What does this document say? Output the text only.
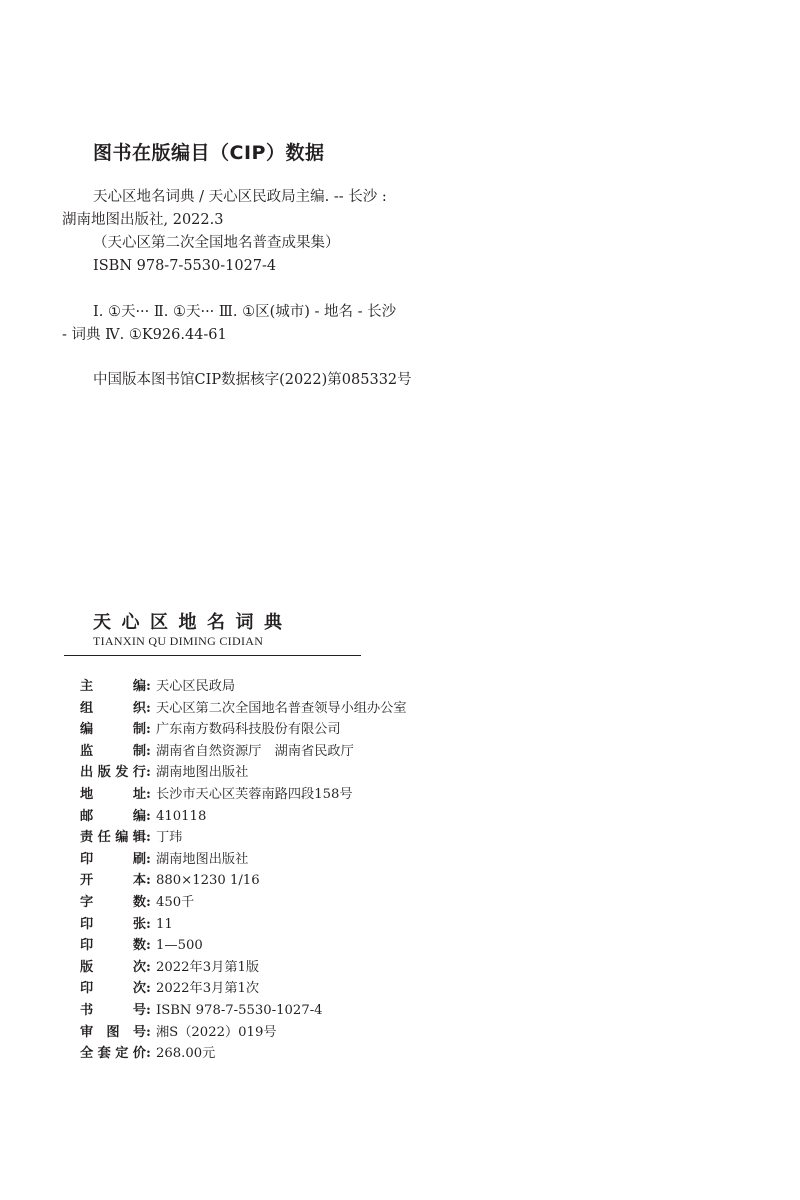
图书在版编目（CIP）数据
天心区地名词典 / 天心区民政局主编. -- 长沙 :
湖南地图出版社, 2022.3
（天心区第二次全国地名普查成果集）
ISBN 978-7-5530-1027-4
Ⅰ. ①天··· Ⅱ. ①天··· Ⅲ. ①区(城市) - 地名 - 长沙
- 词典 Ⅳ. ①K926.44-61
中国版本图书馆CIP数据核字(2022)第085332号
天心区地名词典
TIANXIN QU DIMING CIDIAN
主	编 : 天心区民政局
组	织 : 天心区第二次全国地名普查领导小组办公室
编	制 : 广东南方数码科技股份有限公司
监	制 : 湖南省自然资源厅　湖南省民政厅
出 版 发 行 : 湖南地图出版社
地	址 : 长沙市天心区芙蓉南路四段158号
邮	编 : 410118
责 任 编 辑 : 丁玮
印	刷 : 湖南地图出版社
开	本 : 880×1230 1/16
字	数 : 450千
印	张 : 11
印	数 : 1—500
版	次 : 2022年3月第1版
印	次 : 2022年3月第1次
书	号 : ISBN 978-7-5530-1027-4
审 图 号 : 湘S（2022）019号
全 套 定 价 : 268.00元
